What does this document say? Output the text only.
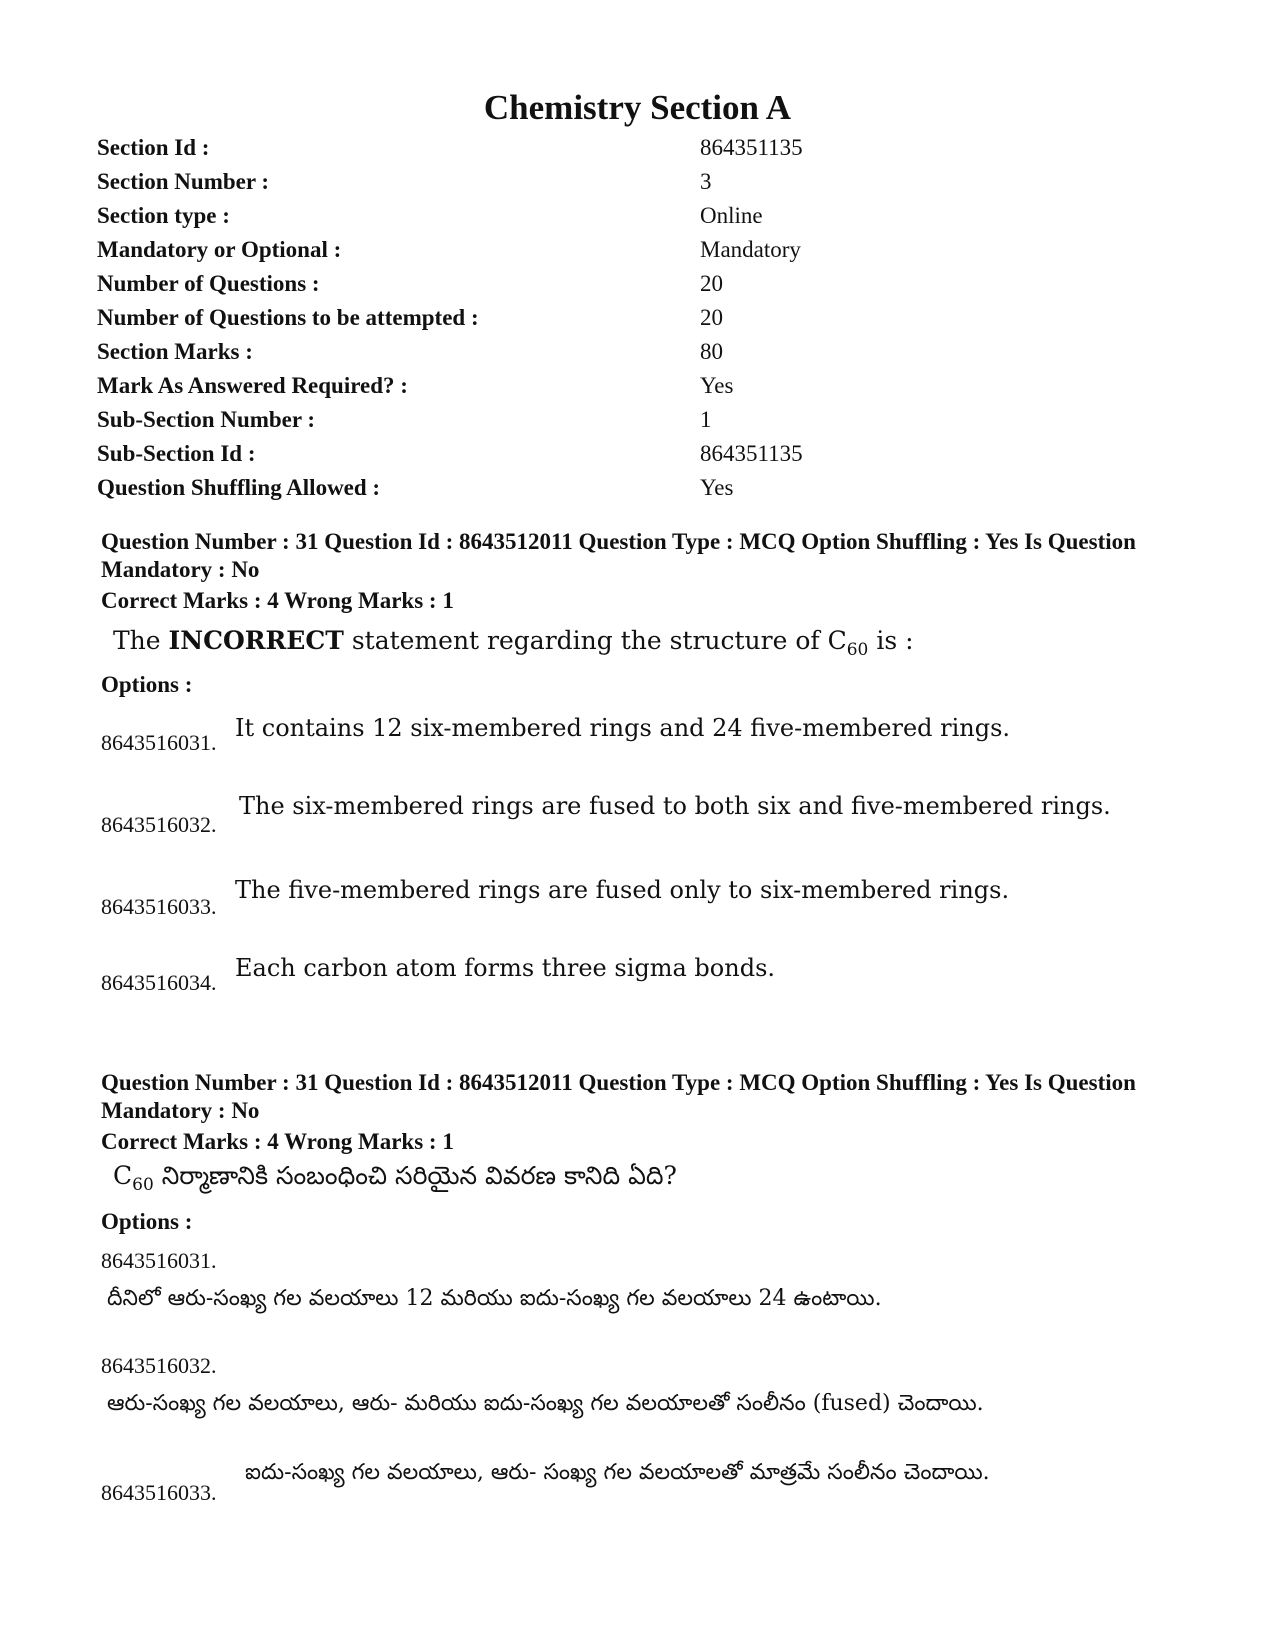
Chemistry Section A
Section Id :	864351135
Section Number :	3
Section type :	Online
Mandatory or Optional :	Mandatory
Number of Questions :	20
Number of Questions to be attempted :	20
Section Marks :	80
Mark As Answered Required? :	Yes
Sub-Section Number :	1
Sub-Section Id :	864351135
Question Shuffling Allowed :	Yes
Question Number : 31 Question Id : 8643512011 Question Type : MCQ Option Shuffling : Yes Is Question Mandatory : No
Correct Marks : 4 Wrong Marks : 1
The INCORRECT statement regarding the structure of $C_{60}$ is :
Options :
8643516031.
It contains 12 six-membered rings and 24 five-membered rings.
8643516032.
The six-membered rings are fused to both six and five-membered rings.
8643516033.
The five-membered rings are fused only to six-membered rings.
8643516034.
Each carbon atom forms three sigma bonds.
Question Number : 31 Question Id : 8643512011 Question Type : MCQ Option Shuffling : Yes Is Question Mandatory : No
Correct Marks : 4 Wrong Marks : 1
$C_{60}$ నిర్మాణానికి సంబంధించి సరియైన వివరణ కానిది ఏది?
Options :
8643516031.
దీనిలో ఆరు-సంఖ్య గల వలయాలు 12 మరియు ఐదు-సంఖ్య గల వలయాలు 24 ఉంటాయి.
8643516032.
ఆరు-సంఖ్య గల వలయాలు, ఆరు- మరియు ఐదు-సంఖ్య గల వలయాలతో సంలీనం (fused) చెందాయి.
8643516033.
ఐదు-సంఖ్య గల వలయాలు, ఆరు- సంఖ్య గల వలయాలతో మాత్రమే సంలీనం చెందాయి.
